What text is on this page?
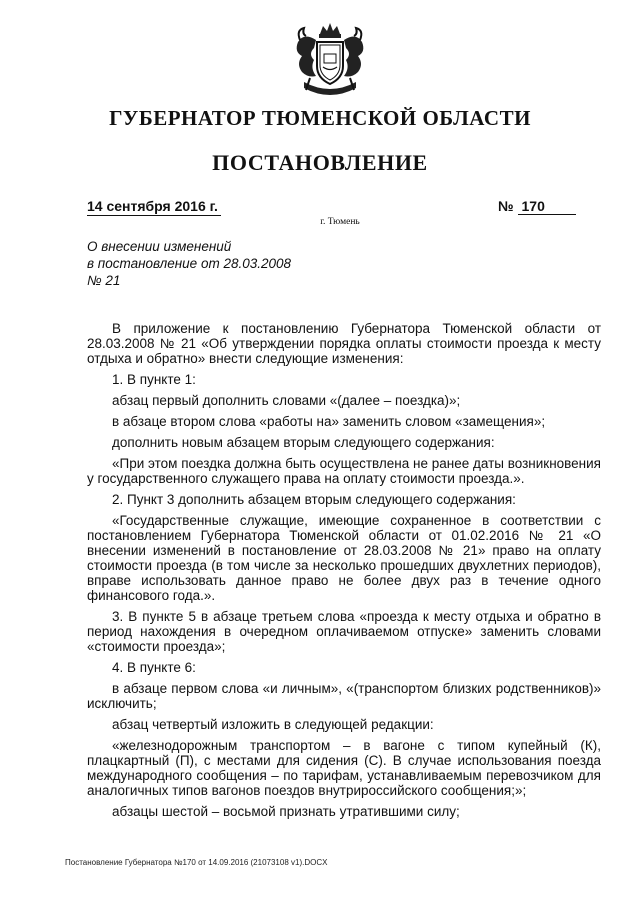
ГУБЕРНАТОР ТЮМЕНСКОЙ ОБЛАСТИ
ПОСТАНОВЛЕНИЕ
14 сентября 2016 г.	№ 170
г. Тюмень
О внесении изменений
в постановление от 28.03.2008
№ 21

В приложение к постановлению Губернатора Тюменской области от 28.03.2008 № 21 «Об утверждении порядка оплаты стоимости проезда к месту отдыха и обратно» внести следующие изменения:

1. В пункте 1:

абзац первый дополнить словами «(далее – поездка)»;

в абзаце втором слова «работы на» заменить словом «замещения»;

дополнить новым абзацем вторым следующего содержания:

«При этом поездка должна быть осуществлена не ранее даты возникновения у государственного служащего права на оплату стоимости проезда.».

2. Пункт 3 дополнить абзацем вторым следующего содержания:

«Государственные служащие, имеющие сохраненное в соответствии с постановлением Губернатора Тюменской области от 01.02.2016 № 21 «О внесении изменений в постановление от 28.03.2008 № 21» право на оплату стоимости проезда (в том числе за несколько прошедших двухлетних периодов), вправе использовать данное право не более двух раз в течение одного финансового года.».

3. В пункте 5 в абзаце третьем слова «проезда к месту отдыха и обратно в период нахождения в очередном оплачиваемом отпуске» заменить словами «стоимости проезда»;

4. В пункте 6:

в абзаце первом слова «и личным», «(транспортом близких родственников)» исключить;

абзац четвертый изложить в следующей редакции:

«железнодорожным транспортом – в вагоне с типом купейный (К), плацкартный (П), с местами для сидения (С). В случае использования поезда международного сообщения – по тарифам, устанавливаемым перевозчиком для аналогичных типов вагонов поездов внутрироссийского сообщения;»;

абзацы шестой – восьмой признать утратившими силу;

Постановление Губернатора №170 от 14.09.2016 (21073108 v1).DOCX
